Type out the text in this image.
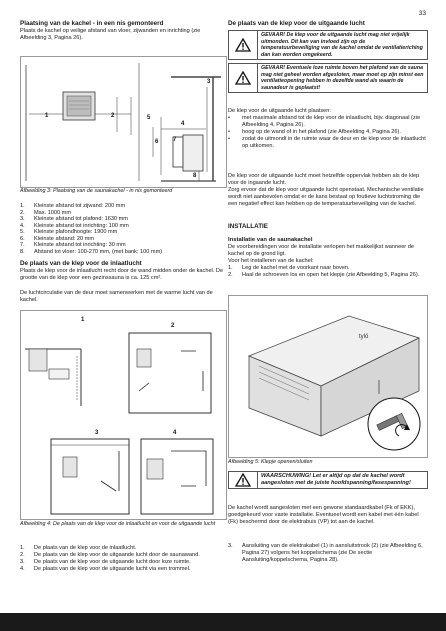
33
Plaatsing van de kachel - in een nis gemonteerd
Plaats de kachel op veilige afstand van vloer, zijwanden en inrichting (zie Afbeelding 3, Pagina 26).
1	2
3
4
5
6 7
8
Afbeelding 3: Plaatsing van de saunakachel - in nis gemonteerd
1. Kleinste afstand tot zijwand: 200 mm
2. Max. 1000 mm
3. Kleinste afstand tot plafond: 1630 mm
4. Kleinste afstand tot inrichting: 100 mm
5. Kleinste plafondhoogte: 1900 mm
6. Kleinste afstand: 20 mm
7. Kleinste afstand tot inrichting: 30 mm
8. Afstand tot vloer: 100-270 mm, (met bank: 100 mm)
De plaats van de klep voor de inlaatlucht
Plaats de klep voor de inlaatlucht recht door de wand midden onder de kachel. De grootte van de klep voor een gezinssauna is ca. 125 cm².
De luchtcirculatie van de deur moet samenwerken met de warme lucht van de kachel.
1
2
3	4
Afbeelding 4: De plaats van de klep voor de inlaatlucht en voor de uitgaande lucht
1. De plaats van de klep voor de inlaatlucht.
2. De plaats van de klep voor de uitgaande lucht door de saunawand.
3. De plaats van de klep voor de uitgaande lucht door loze ruimte.
4. De plaats van de klep voor de uitgaande lucht via een trommel.
De plaats van de klep voor de uitgaande lucht
GEVAAR! De klep voor de uitgaande lucht mag niet vrijelijk uitmonden. Dit kan van invloed zijn op de temperatuurbeveiliging van de kachel omdat de ventilatieriching dan kan worden omgekeerd.
GEVAAR! Eventuele loze ruimte boven het plafond van de sauna mag niet geheel worden afgesloten, maar moet op zijn minst een ventilatieopening hebben in dezelfde wand als waarin de saunadeur is geplaatst!
De klep voor de uitgaande lucht plaatsen:
• met maximale afstand tot de klep voor de inlaatlucht, bijv. diagonaal (zie Afbeelding 4, Pagina 26).
• hoog op de wand of in het plafond (zie Afbeelding 4, Pagina 26).
• zodat de uitmondt in de ruimte waar de deur en de klep voor de inlaatlucht op uitkomen.
De klep voor de uitgaande lucht moet hetzelfde oppervlak hebben als de klep voor de ingaande lucht.
Zorg ervoor dat de klep voor uitgaande lucht openstaat. Mechanische ventilatie wordt niet aanbevolen omdat er de kans bestaat op foutieve luchtstroming die een negatief effect kan hebben op de temperatuurbeveiliging van de kachel.
INSTALLATIE
Installatie van de saunakachel
De voorbereidingen voor de installatie verlopen het makkelijkst wanneer de kachel op de grond ligt.
Voor het installeren van de kachel:
1. Leg de kachel met de voorkant naar boven.
2. Haal de schroeven los en open het klepje (zie Afbeelding 5, Pagina 26).
tylö
Afbeelding 5: Klepje openen/sluiten
WAARSCHUWING! Let er altijd op dat de kachel wordt aangesloten met de juiste hoofdspanning/fasespanning!
De kachel wordt aangesloten met een gewone standaardkabel (Fk of EKK), goedgekeurd voor vaste installatie. Eventueel wordt een kabel met één kabel (Fk) beschermd door de elektrabuis (VP) tot aan de kachel.
3. Aansluiting van de elektrakabel (1) in aansluitstrook (2) (zie Afbeelding 6, Pagina 27) volgens het koppelschema (zie De sectie Aansluiting/koppelschema, Pagina 28).
